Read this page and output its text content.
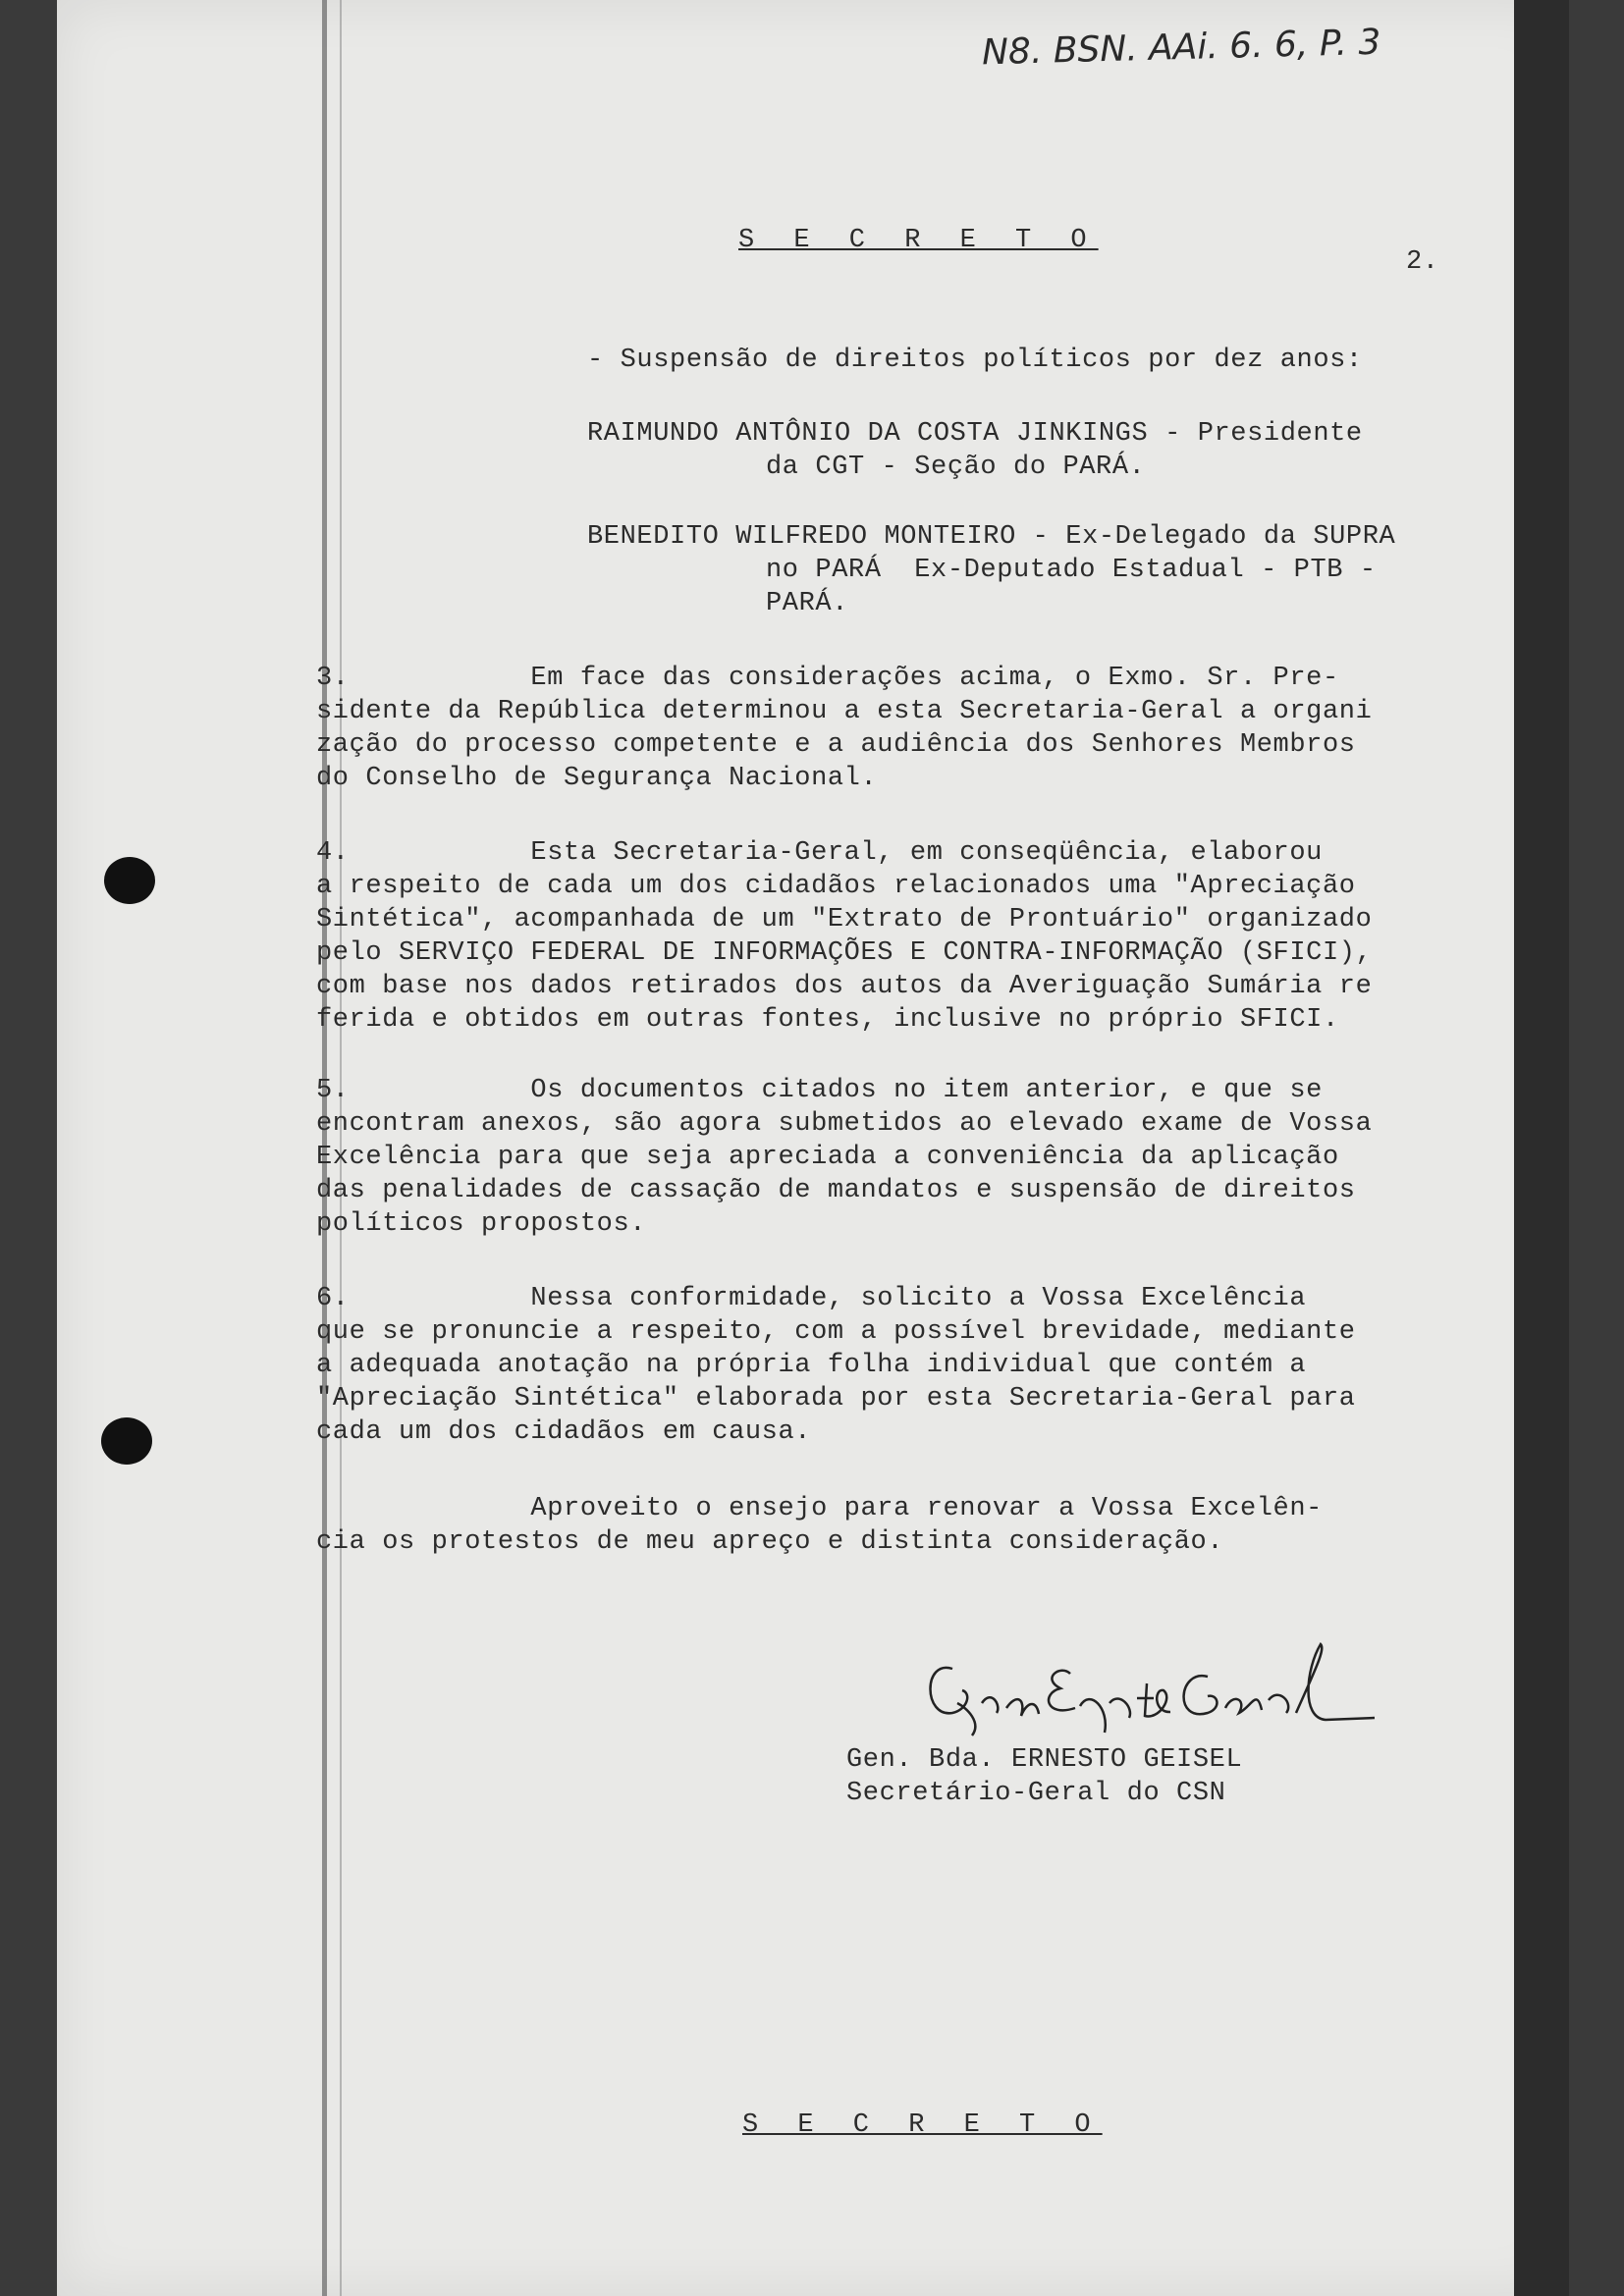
N8. BSN. AAi. 6. 6, P. 3
S E C R E T O
2.
- Suspensão de direitos políticos por dez anos:
RAIMUNDO ANTÔNIO DA COSTA JINKINGS - Presidente
da CGT - Seção do PARÁ.
BENEDITO WILFREDO MONTEIRO - Ex-Delegado da SUPRA
no PARÁ  Ex-Deputado Estadual - PTB -
PARÁ.
3.           Em face das considerações acima, o Exmo. Sr. Pre-
sidente da República determinou a esta Secretaria-Geral a organi
zação do processo competente e a audiência dos Senhores Membros
do Conselho de Segurança Nacional.
4.           Esta Secretaria-Geral, em conseqüência, elaborou
a respeito de cada um dos cidadãos relacionados uma "Apreciação
Sintética", acompanhada de um "Extrato de Prontuário" organizado
pelo SERVIÇO FEDERAL DE INFORMAÇÕES E CONTRA-INFORMAÇÃO (SFICI),
com base nos dados retirados dos autos da Averiguação Sumária re
ferida e obtidos em outras fontes, inclusive no próprio SFICI.
5.           Os documentos citados no item anterior, e que se
encontram anexos, são agora submetidos ao elevado exame de Vossa
Excelência para que seja apreciada a conveniência da aplicação
das penalidades de cassação de mandatos e suspensão de direitos
políticos propostos.
6.           Nessa conformidade, solicito a Vossa Excelência
que se pronuncie a respeito, com a possível brevidade, mediante
a adequada anotação na própria folha individual que contém a
"Apreciação Sintética" elaborada por esta Secretaria-Geral para
cada um dos cidadãos em causa.
Aproveito o ensejo para renovar a Vossa Excelên-
cia os protestos de meu apreço e distinta consideração.
Gen. Bda. ERNESTO GEISEL
Secretário-Geral do CSN
S E C R E T O
